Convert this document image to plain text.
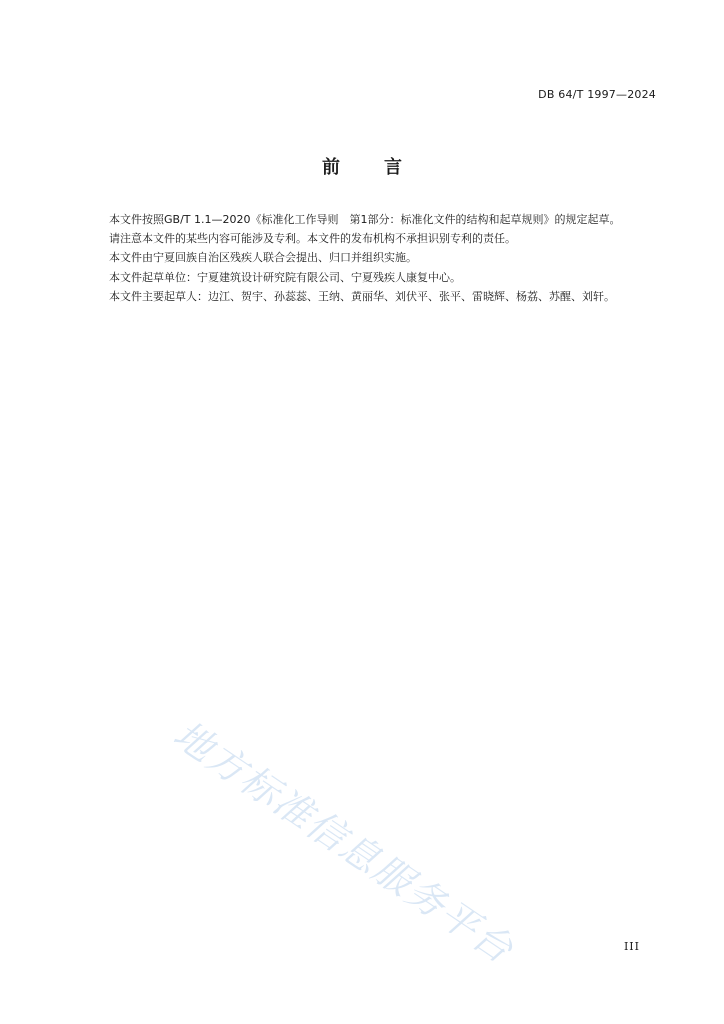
DB 64/T 1997—2024
前 言

本文件按照GB/T 1.1—2020《标准化工作导则　第1部分：标准化文件的结构和起草规则》的规定起草。

请注意本文件的某些内容可能涉及专利。本文件的发布机构不承担识别专利的责任。

本文件由宁夏回族自治区残疾人联合会提出、归口并组织实施。

本文件起草单位：宁夏建筑设计研究院有限公司、宁夏残疾人康复中心。

本文件主要起草人：边江、贺宇、孙蕊蕊、王纳、黄丽华、刘伏平、张平、雷晓辉、杨荔、苏醒、刘轩。

地方标准信息服务平台	III
